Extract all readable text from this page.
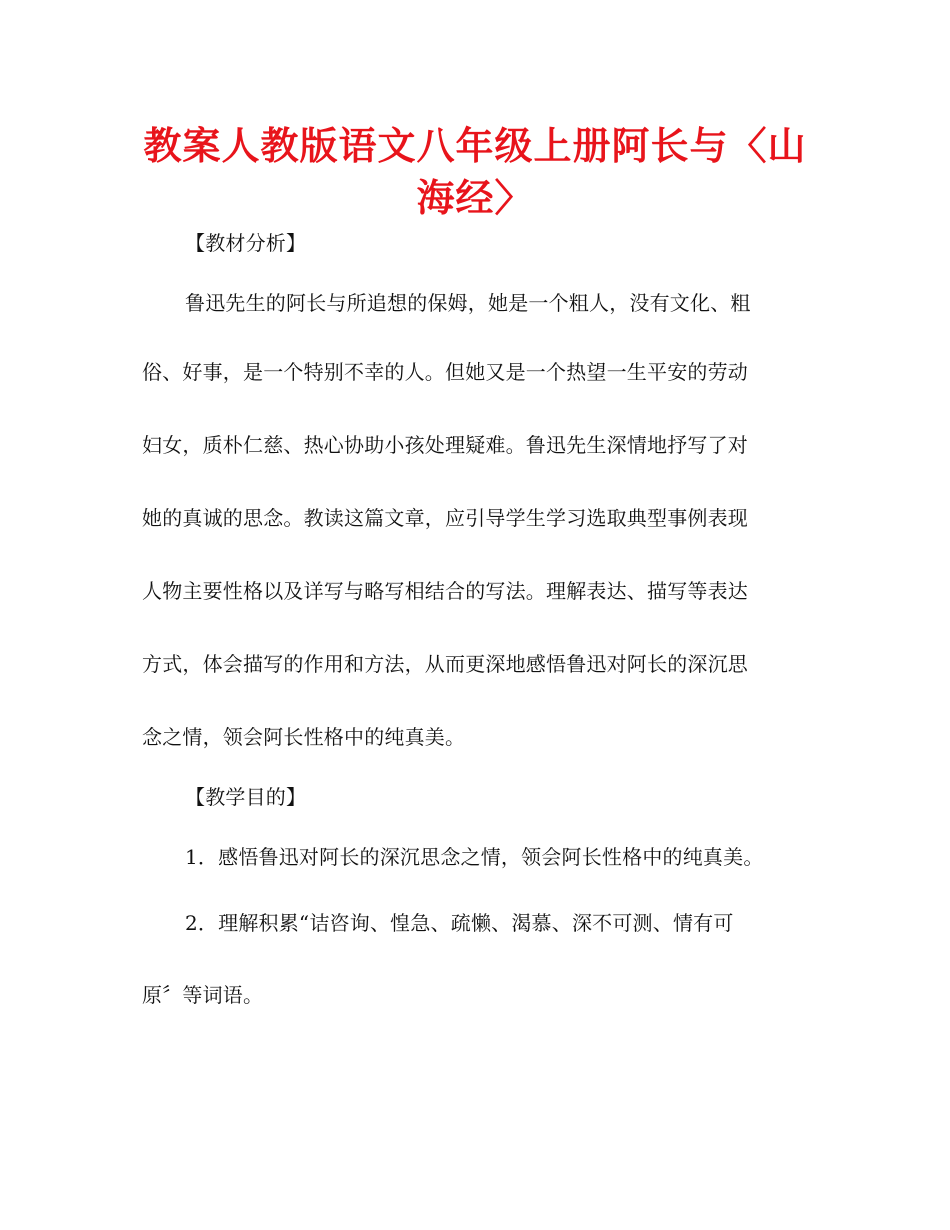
教案人教版语文八年级上册阿长与〈山海经〉
【教材分析】
鲁迅先生的阿长与所追想的保姆，她是一个粗人，没有文化、粗
俗、好事，是一个特别不幸的人。但她又是一个热望一生平安的劳动
妇女，质朴仁慈、热心协助小孩处理疑难。鲁迅先生深情地抒写了对
她的真诚的思念。教读这篇文章，应引导学生学习选取典型事例表现
人物主要性格以及详写与略写相结合的写法。理解表达、描写等表达
方式，体会描写的作用和方法，从而更深地感悟鲁迅对阿长的深沉思
念之情，领会阿长性格中的纯真美。
【教学目的】
1．感悟鲁迅对阿长的深沉思念之情，领会阿长性格中的纯真美。
2．理解积累“诘咨询、惶急、疏懒、渴慕、深不可测、情有可
原〞等词语。
